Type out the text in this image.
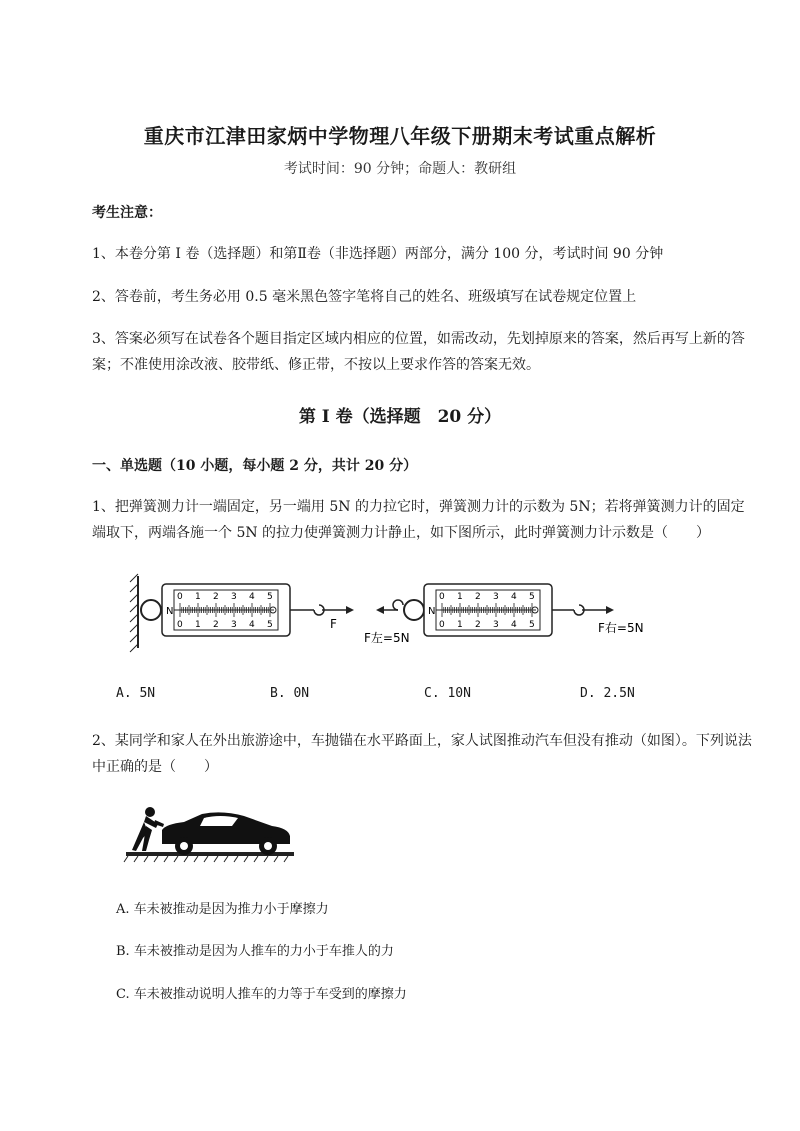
重庆市江津田家炳中学物理八年级下册期末考试重点解析
考试时间：90 分钟；命题人：教研组
考生注意：
1、本卷分第 I 卷（选择题）和第Ⅱ卷（非选择题）两部分，满分 100 分，考试时间 90 分钟
2、答卷前，考生务必用 0.5 毫米黑色签字笔将自己的姓名、班级填写在试卷规定位置上
3、答案必须写在试卷各个题目指定区域内相应的位置，如需改动，先划掉原来的答案，然后再写上新的答案；不准使用涂改液、胶带纸、修正带，不按以上要求作答的答案无效。
第 I 卷（选择题　20 分）
一、单选题（10 小题，每小题 2 分，共计 20 分）
1、把弹簧测力计一端固定，另一端用 5N 的力拉它时，弹簧测力计的示数为 5N；若将弹簧测力计的固定端取下，两端各施一个 5N 的拉力使弹簧测力计静止，如下图所示，此时弹簧测力计示数是（　　）
0
0
1
1
2
2
3
3
4
4
5
5
N
F
0
0
1
1
2
2
3
3
4
4
5
5
N
F左=5N
F右=5N
A. 5N	B. 0N	C. 10N	D. 2.5N
2、某同学和家人在外出旅游途中，车抛锚在水平路面上，家人试图推动汽车但没有推动（如图）。下列说法中正确的是（　　）
A. 车未被推动是因为推力小于摩擦力
B. 车未被推动是因为人推车的力小于车推人的力
C. 车未被推动说明人推车的力等于车受到的摩擦力
